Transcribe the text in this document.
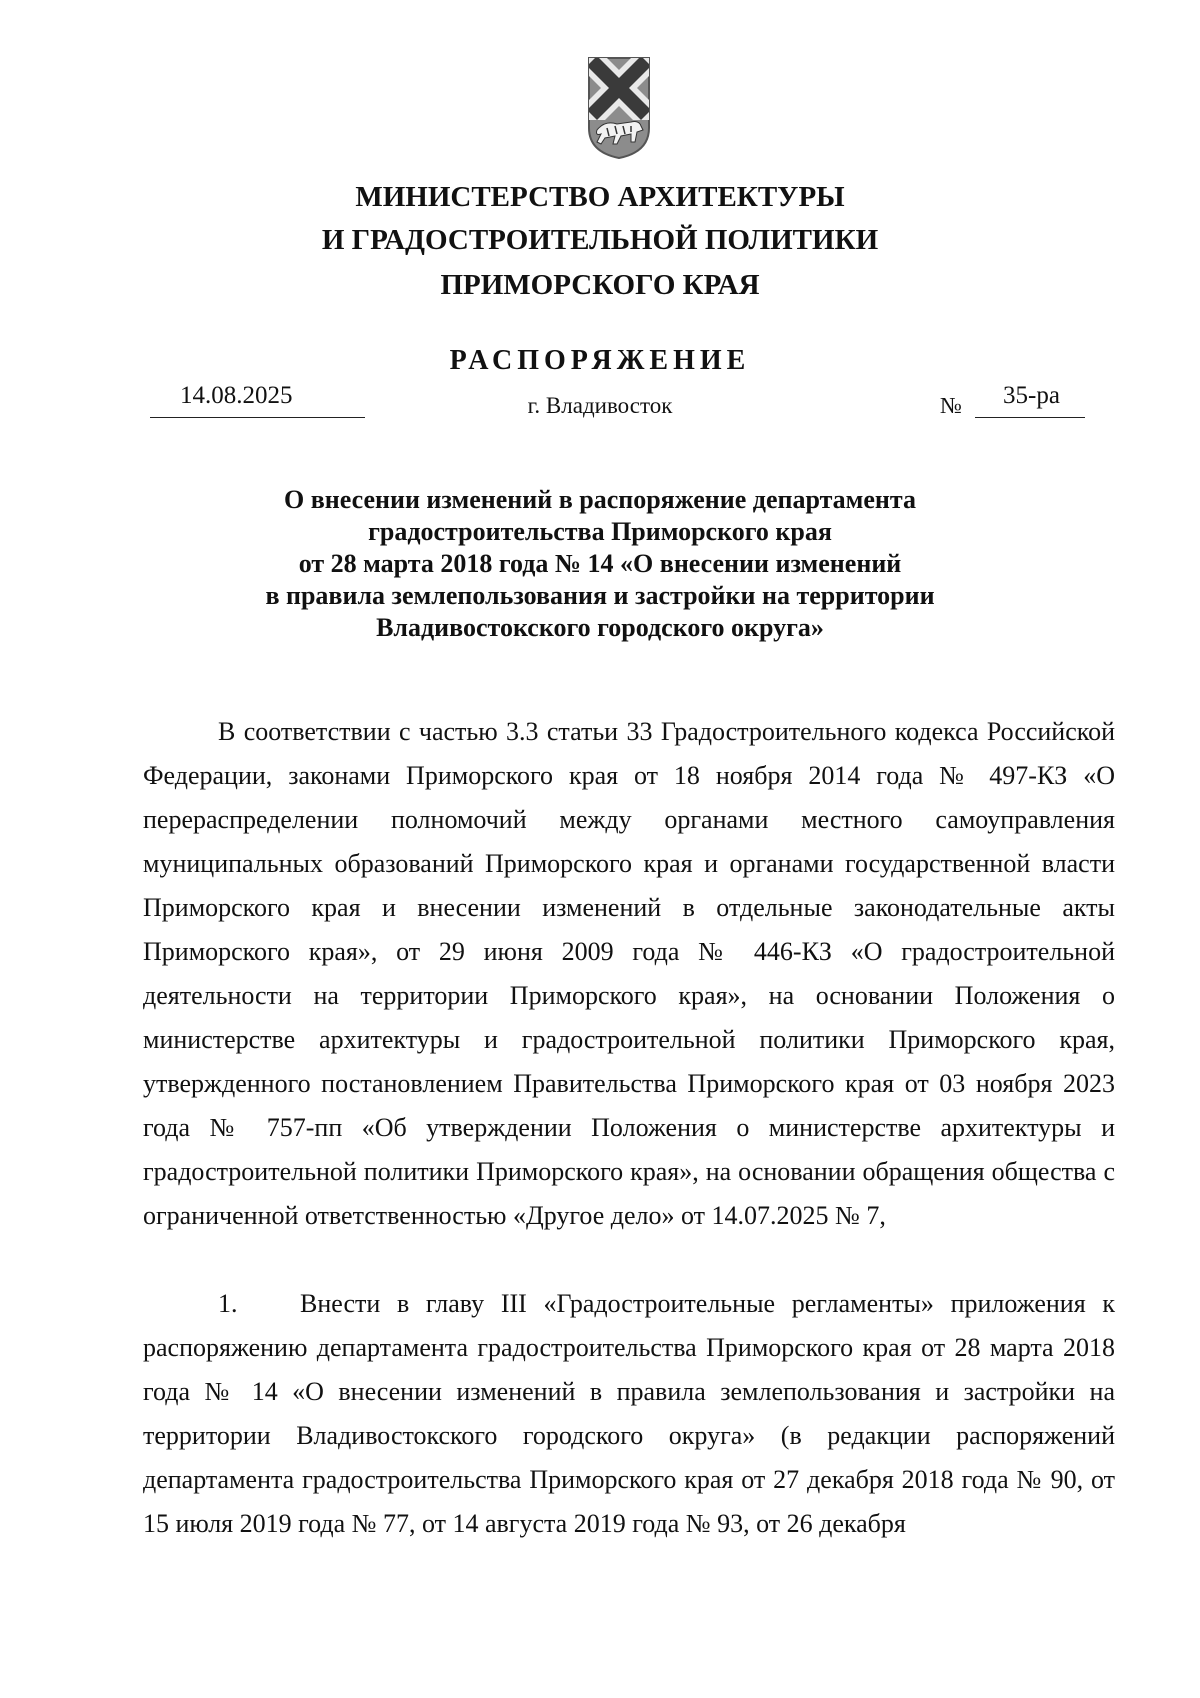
МИНИСТЕРСТВО АРХИТЕКТУРЫ
И ГРАДОСТРОИТЕЛЬНОЙ ПОЛИТИКИ
ПРИМОРСКОГО КРАЯ
РАСПОРЯЖЕНИЕ
14.08.2025	г. Владивосток	№	35-ра
О внесении изменений в распоряжение департамента
градостроительства Приморского края
от 28 марта 2018 года № 14 «О внесении изменений
в правила землепользования и застройки на территории
Владивостокского городского округа»

В соответствии с частью 3.3 статьи 33 Градостроительного кодекса Российской Федерации, законами Приморского края от 18 ноября 2014 года № 497-КЗ «О перераспределении полномочий между органами местного самоуправления муниципальных образований Приморского края и органами государственной власти Приморского края и внесении изменений в отдельные законодательные акты Приморского края», от 29 июня 2009 года № 446-КЗ «О градостроительной деятельности на территории Приморского края», на основании Положения о министерстве архитектуры и градостроительной политики Приморского края, утвержденного постановлением Правительства Приморского края от 03 ноября 2023 года № 757-пп «Об утверждении Положения о министерстве архитектуры и градостроительной политики Приморского края», на основании обращения общества с ограниченной ответственностью «Другое дело» от 14.07.2025 № 7,

1. Внести в главу III «Градостроительные регламенты» приложения к распоряжению департамента градостроительства Приморского края от 28 марта 2018 года № 14 «О внесении изменений в правила землепользования и застройки на территории Владивостокского городского округа» (в редакции распоряжений департамента градостроительства Приморского края от 27 декабря 2018 года № 90, от 15 июля 2019 года № 77, от 14 августа 2019 года № 93, от 26 декабря
